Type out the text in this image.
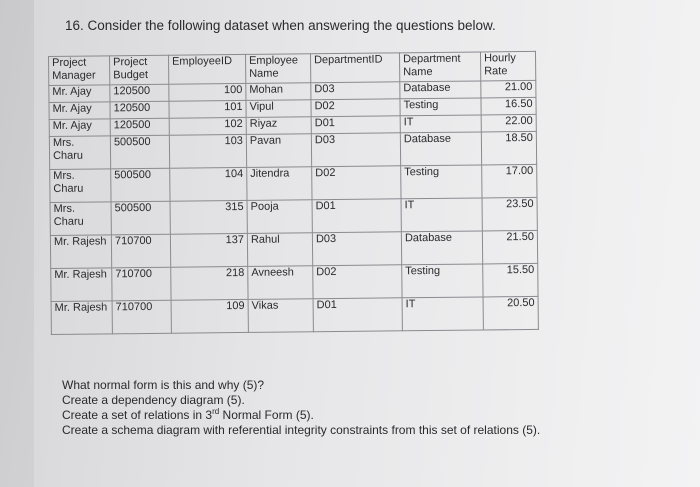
16. Consider the following dataset when answering the questions below.
Project Manager	Project Budget	EmployeeID	Employee Name	DepartmentID	Department Name	Hourly Rate
Mr. Ajay	120500	100	Mohan	D03	Database	21.00
Mr. Ajay	120500	101	Vipul	D02	Testing	16.50
Mr. Ajay	120500	102	Riyaz	D01	IT	22.00
Mrs. Charu	500500	103	Pavan	D03	Database	18.50
Mrs. Charu	500500	104	Jitendra	D02	Testing	17.00
Mrs. Charu	500500	315	Pooja	D01	IT	23.50
Mr. Rajesh	710700	137	Rahul	D03	Database	21.50
Mr. Rajesh	710700	218	Avneesh	D02	Testing	15.50
Mr. Rajesh	710700	109	Vikas	D01	IT	20.50
What normal form is this and why (5)?
Create a dependency diagram (5).
Create a set of relations in 3rd Normal Form (5).
Create a schema diagram with referential integrity constraints from this set of relations (5).
